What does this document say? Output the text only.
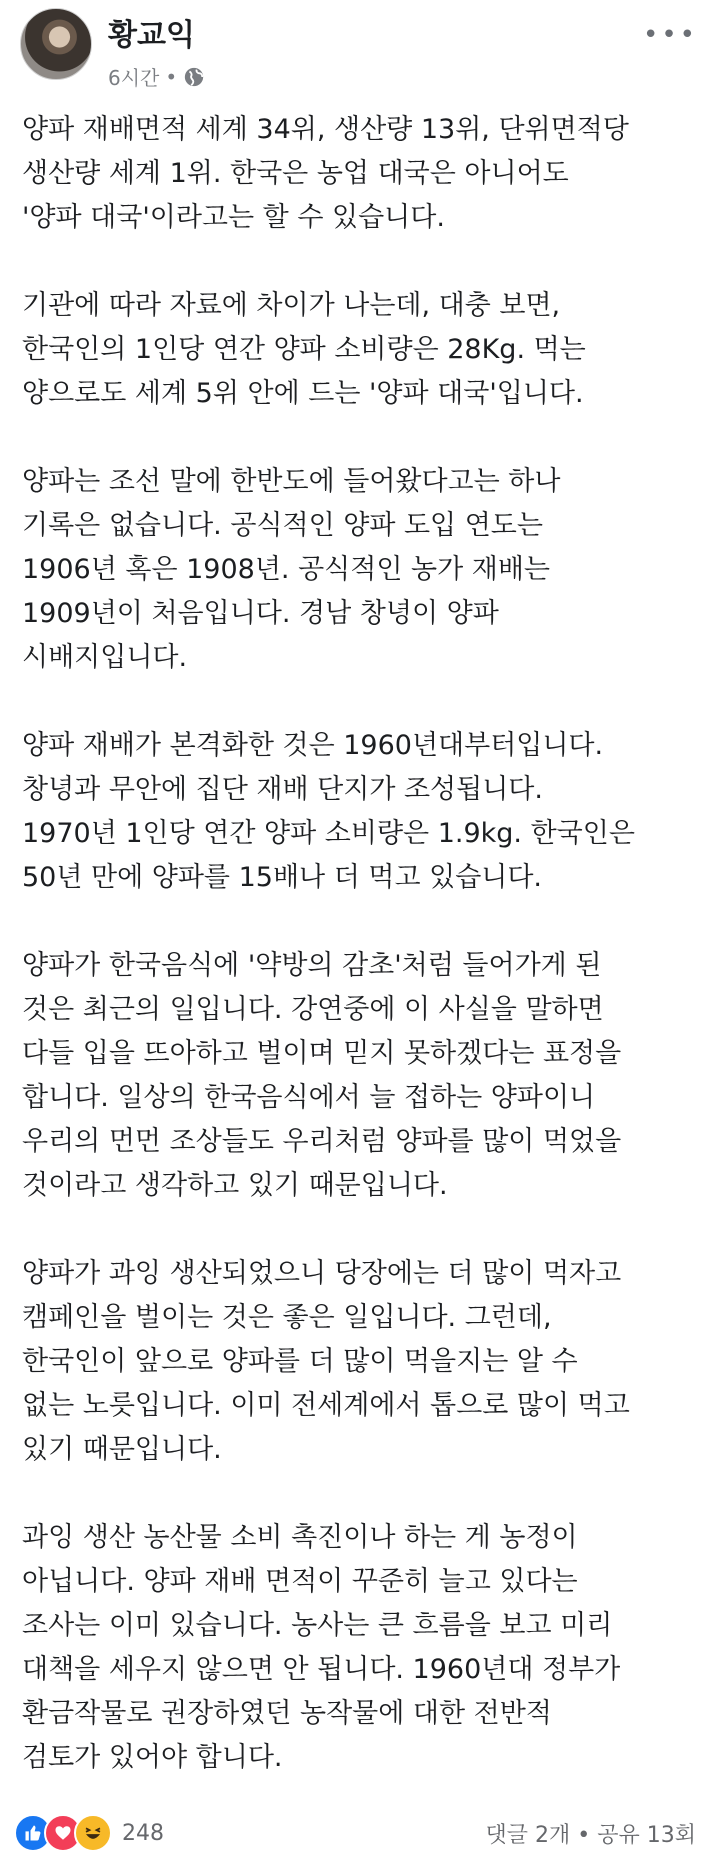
황교익
6시간 •
•••

양파 재배면적 세계 34위, 생산량 13위, 단위면적당
생산량 세계 1위. 한국은 농업 대국은 아니어도
'양파 대국'이라고는 할 수 있습니다.

기관에 따라 자료에 차이가 나는데, 대충 보면,
한국인의 1인당 연간 양파 소비량은 28Kg. 먹는
양으로도 세계 5위 안에 드는 '양파 대국'입니다.

양파는 조선 말에 한반도에 들어왔다고는 하나
기록은 없습니다. 공식적인 양파 도입 연도는
1906년 혹은 1908년. 공식적인 농가 재배는
1909년이 처음입니다. 경남 창녕이 양파
시배지입니다.

양파 재배가 본격화한 것은 1960년대부터입니다.
창녕과 무안에 집단 재배 단지가 조성됩니다.
1970년 1인당 연간 양파 소비량은 1.9kg. 한국인은
50년 만에 양파를 15배나 더 먹고 있습니다.

양파가 한국음식에 '약방의 감초'처럼 들어가게 된
것은 최근의 일입니다. 강연중에 이 사실을 말하면
다들 입을 뜨아하고 벌이며 믿지 못하겠다는 표정을
합니다. 일상의 한국음식에서 늘 접하는 양파이니
우리의 먼먼 조상들도 우리처럼 양파를 많이 먹었을
것이라고 생각하고 있기 때문입니다.

양파가 과잉 생산되었으니 당장에는 더 많이 먹자고
캠페인을 벌이는 것은 좋은 일입니다. 그런데,
한국인이 앞으로 양파를 더 많이 먹을지는 알 수
없는 노릇입니다. 이미 전세계에서 톱으로 많이 먹고
있기 때문입니다.

과잉 생산 농산물 소비 촉진이나 하는 게 농정이
아닙니다. 양파 재배 면적이 꾸준히 늘고 있다는
조사는 이미 있습니다. 농사는 큰 흐름을 보고 미리
대책을 세우지 않으면 안 됩니다. 1960년대 정부가
환금작물로 권장하였던 농작물에 대한 전반적
검토가 있어야 합니다.

248	댓글 2개 • 공유 13회
